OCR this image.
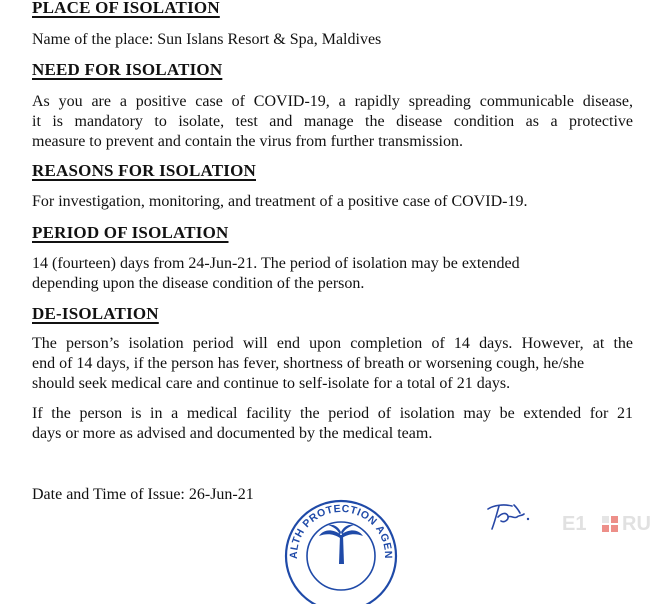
PLACE OF ISOLATION
Name of the place: Sun Islans Resort & Spa, Maldives
NEED FOR ISOLATION
As you are a positive case of COVID-19, a rapidly spreading communicable disease,
it is mandatory to isolate, test and manage the disease condition as a protective
measure to prevent and contain the virus from further transmission.
REASONS FOR ISOLATION
For investigation, monitoring, and treatment of a positive case of COVID-19.
PERIOD OF ISOLATION
14 (fourteen) days from 24-Jun-21. The period of isolation may be extended
depending upon the disease condition of the person.
DE-ISOLATION
The person’s isolation period will end upon completion of 14 days. However, at the
end of 14 days, if the person has fever, shortness of breath or worsening cough, he/she
should seek medical care and continue to self-isolate for a total of 21 days.
If the person is in a medical facility the period of isolation may be extended for 21
days or more as advised and documented by the medical team.
Date and Time of Issue: 26-Jun-21
ALTH PROTECTION AGEN
E1 RU
